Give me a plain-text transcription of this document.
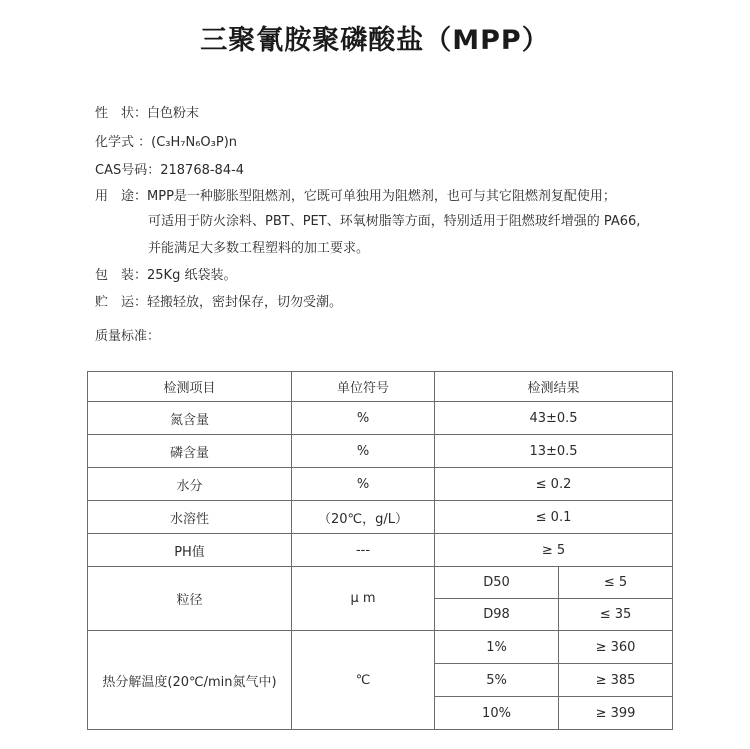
三聚氰胺聚磷酸盐（MPP）
性　状：白色粉末
化学式 ：(C₃H₇N₆O₃P)n
CAS号码：218768-84-4
用　途：MPP是一种膨胀型阻燃剂，它既可单独用为阻燃剂，也可与其它阻燃剂复配使用；
可适用于防火涂料、PBT、PET、环氧树脂等方面，特别适用于阻燃玻纤增强的 PA66,
并能满足大多数工程塑料的加工要求。
包　装：25Kg 纸袋装。
贮　运：轻搬轻放，密封保存，切勿受潮。
质量标准：
检测项目	单位符号	检测结果	
氮含量	%	43±0.5	
磷含量	%	13±0.5	
水分	%	≤ 0.2	
水溶性	（20℃，g/L）	≤ 0.1	
PH值	---	≥ 5	
粒径	μ m	D50	≤ 5
		D98	≤ 35
热分解温度(20℃/min氮气中)	℃	1%	≥ 360
		5%	≥ 385
		10%	≥ 399
